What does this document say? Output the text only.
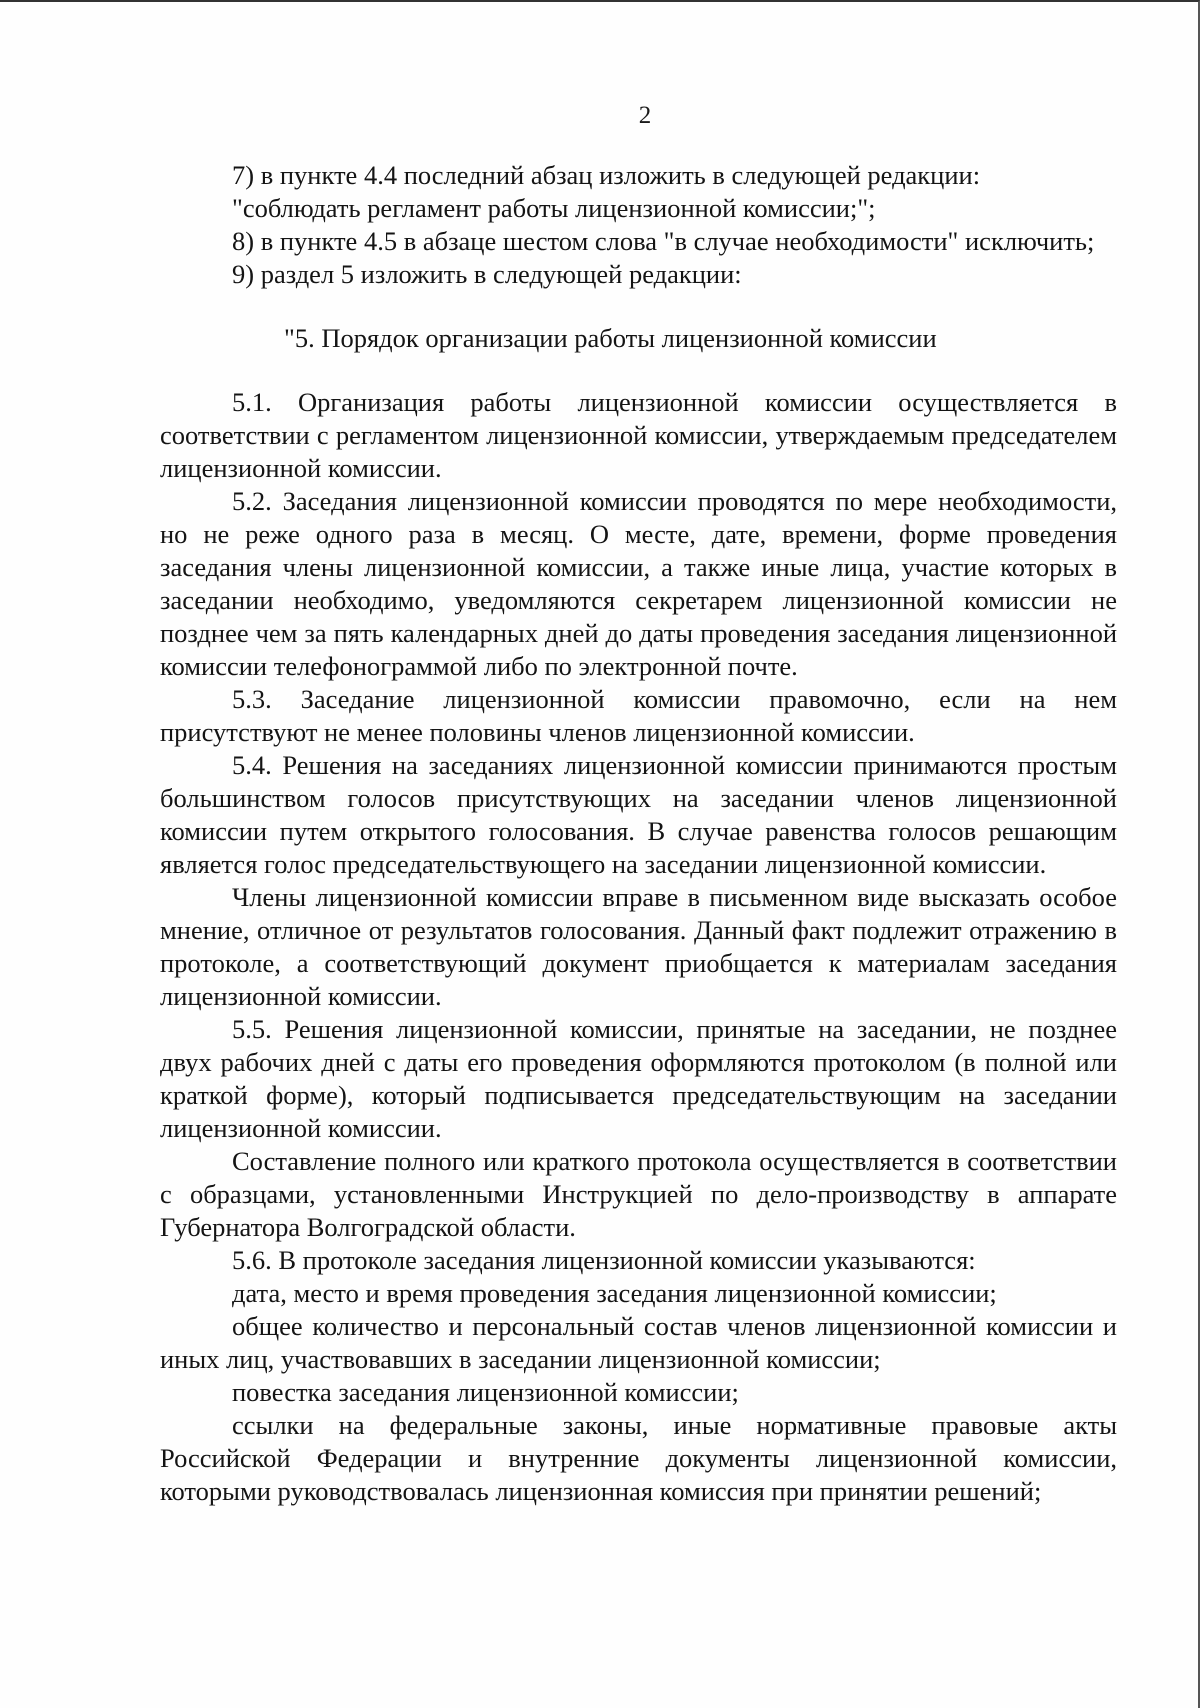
2

7) в пункте 4.4 последний абзац изложить в следующей редакции:

"соблюдать регламент работы лицензионной комиссии;";

8) в пункте 4.5 в абзаце шестом слова "в случае необходимости" исключить;

9) раздел 5 изложить в следующей редакции:

"5. Порядок организации работы лицензионной комиссии

5.1. Организация работы лицензионной комиссии осуществляется в соответствии с регламентом лицензионной комиссии, утверждаемым председателем лицензионной комиссии.

5.2. Заседания лицензионной комиссии проводятся по мере необходимости, но не реже одного раза в месяц. О месте, дате, времени, форме проведения заседания члены лицензионной комиссии, а также иные лица, участие которых в заседании необходимо, уведомляются секретарем лицензионной комиссии не позднее чем за пять календарных дней до даты проведения заседания лицензионной комиссии телефонограммой либо по электронной почте.

5.3. Заседание лицензионной комиссии правомочно, если на нем присутствуют не менее половины членов лицензионной комиссии.

5.4. Решения на заседаниях лицензионной комиссии принимаются простым большинством голосов присутствующих на заседании членов лицензионной комиссии путем открытого голосования. В случае равенства голосов решающим является голос председательствующего на заседании лицензионной комиссии.

Члены лицензионной комиссии вправе в письменном виде высказать особое мнение, отличное от результатов голосования. Данный факт подлежит отражению в протоколе, а соответствующий документ приобщается к материалам заседания лицензионной комиссии.

5.5. Решения лицензионной комиссии, принятые на заседании, не позднее двух рабочих дней с даты его проведения оформляются протоколом (в полной или краткой форме), который подписывается председательствующим на заседании лицензионной комиссии.

Составление полного или краткого протокола осуществляется в соответствии с образцами, установленными Инструкцией по дело-производству в аппарате Губернатора Волгоградской области.

5.6. В протоколе заседания лицензионной комиссии указываются:

дата, место и время проведения заседания лицензионной комиссии;

общее количество и персональный состав членов лицензионной комиссии и иных лиц, участвовавших в заседании лицензионной комиссии;

повестка заседания лицензионной комиссии;

ссылки на федеральные законы, иные нормативные правовые акты Российской Федерации и внутренние документы лицензионной комиссии, которыми руководствовалась лицензионная комиссия при принятии решений;
